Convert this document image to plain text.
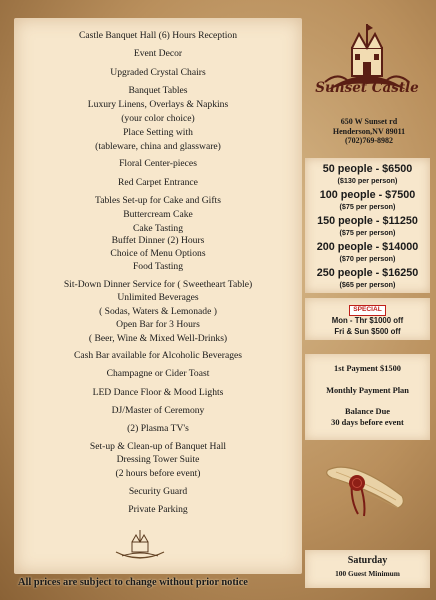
Castle Banquet Hall (6) Hours Reception
Event Decor
Upgraded Crystal Chairs
Banquet Tables
Luxury Linens, Overlays & Napkins
(your color choice)
Place Setting with
(tableware, china and glassware)
Floral Center-pieces
Red Carpet Entrance
Tables Set-up for Cake and Gifts
Buttercream Cake
Cake Tasting
Buffet Dinner (2) Hours
Choice of Menu Options
Food Tasting
Sit-Down Dinner Service for ( Sweetheart Table)
Unlimited Beverages
( Sodas, Waters & Lemonade )
Open Bar for 3 Hours
( Beer, Wine & Mixed Well-Drinks)
Cash Bar available for Alcoholic Beverages
Champagne or Cider Toast
LED Dance Floor & Mood Lights
DJ/Master of Ceremony
(2) Plasma TV's
Set-up & Clean-up of Banquet Hall
Dressing Tower Suite
(2 hours before event)
Security Guard
Private Parking
All prices are subject to change without prior notice
Sunset Castle
650 W Sunset rd
Henderson,NV 89011
(702)769-8982
50 people - $6500
($130 per person)
100 people - $7500
($75 per person)
150 people - $11250
($75 per person)
200 people - $14000
($70 per person)
250 people - $16250
($65 per person)
SPECIAL
Mon - Thr $1000 off
Fri & Sun $500 off
1st Payment $1500
Monthly Payment Plan
Balance Due
30 days before event
Saturday
100 Guest Minimum
